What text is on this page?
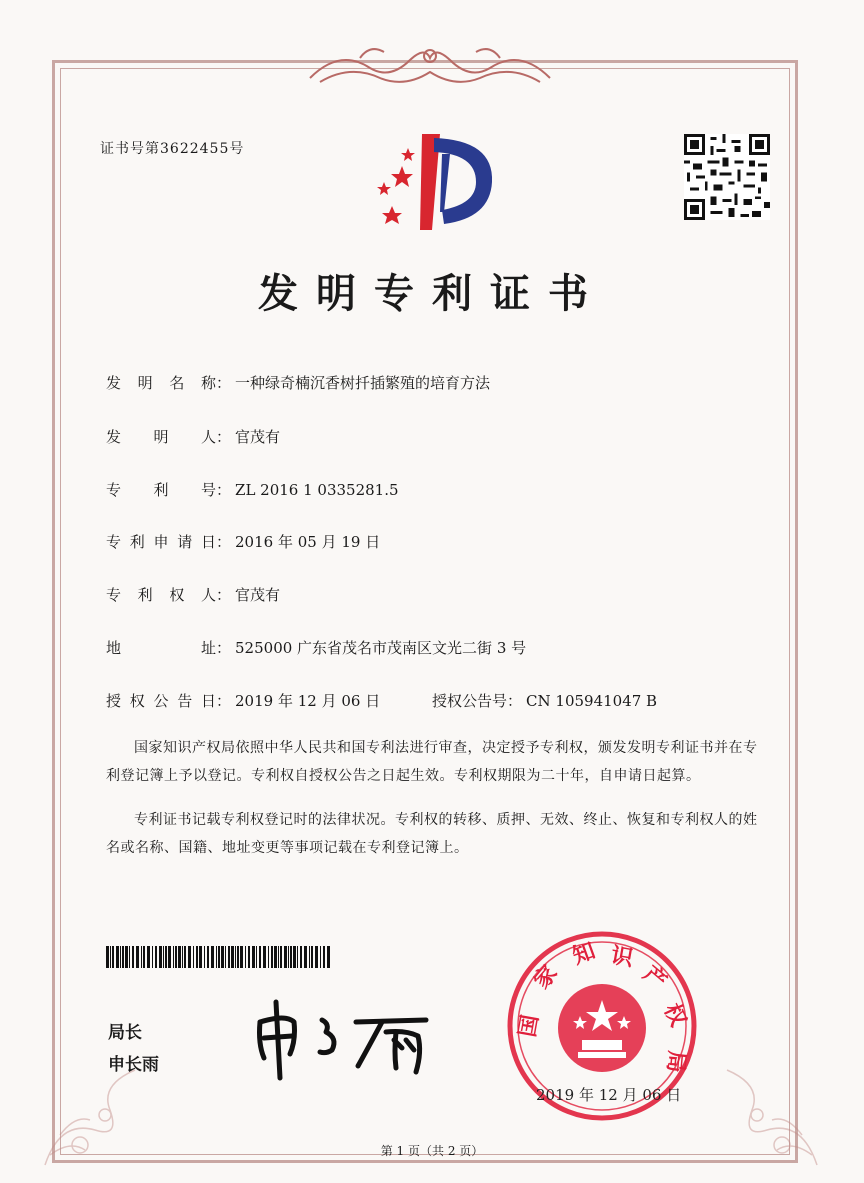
证书号第3622455号
发明专利证书
发明名称 ： 一种绿奇楠沉香树扦插繁殖的培育方法
发明人 ： 官茂有
专利号 ： ZL 2016 1 0335281.5
专利申请日 ： 2016 年 05 月 19 日
专利权人 ： 官茂有
地址 ： 525000 广东省茂名市茂南区文光二街 3 号
授权公告日 ： 2019 年 12 月 06 日	授权公告号 ： CN 105941047 B
国家知识产权局依照中华人民共和国专利法进行审查，决定授予专利权，颁发发明专利证书并在专利登记簿上予以登记。专利权自授权公告之日起生效。专利权期限为二十年，自申请日起算。
专利证书记载专利权登记时的法律状况。专利权的转移、质押、无效、终止、恢复和专利权人的姓名或名称、国籍、地址变更等事项记载在专利登记簿上。
局长
申长雨
国
家
知 识
产
权
局
2019 年 12 月 06 日
第 1 页（共 2 页）
